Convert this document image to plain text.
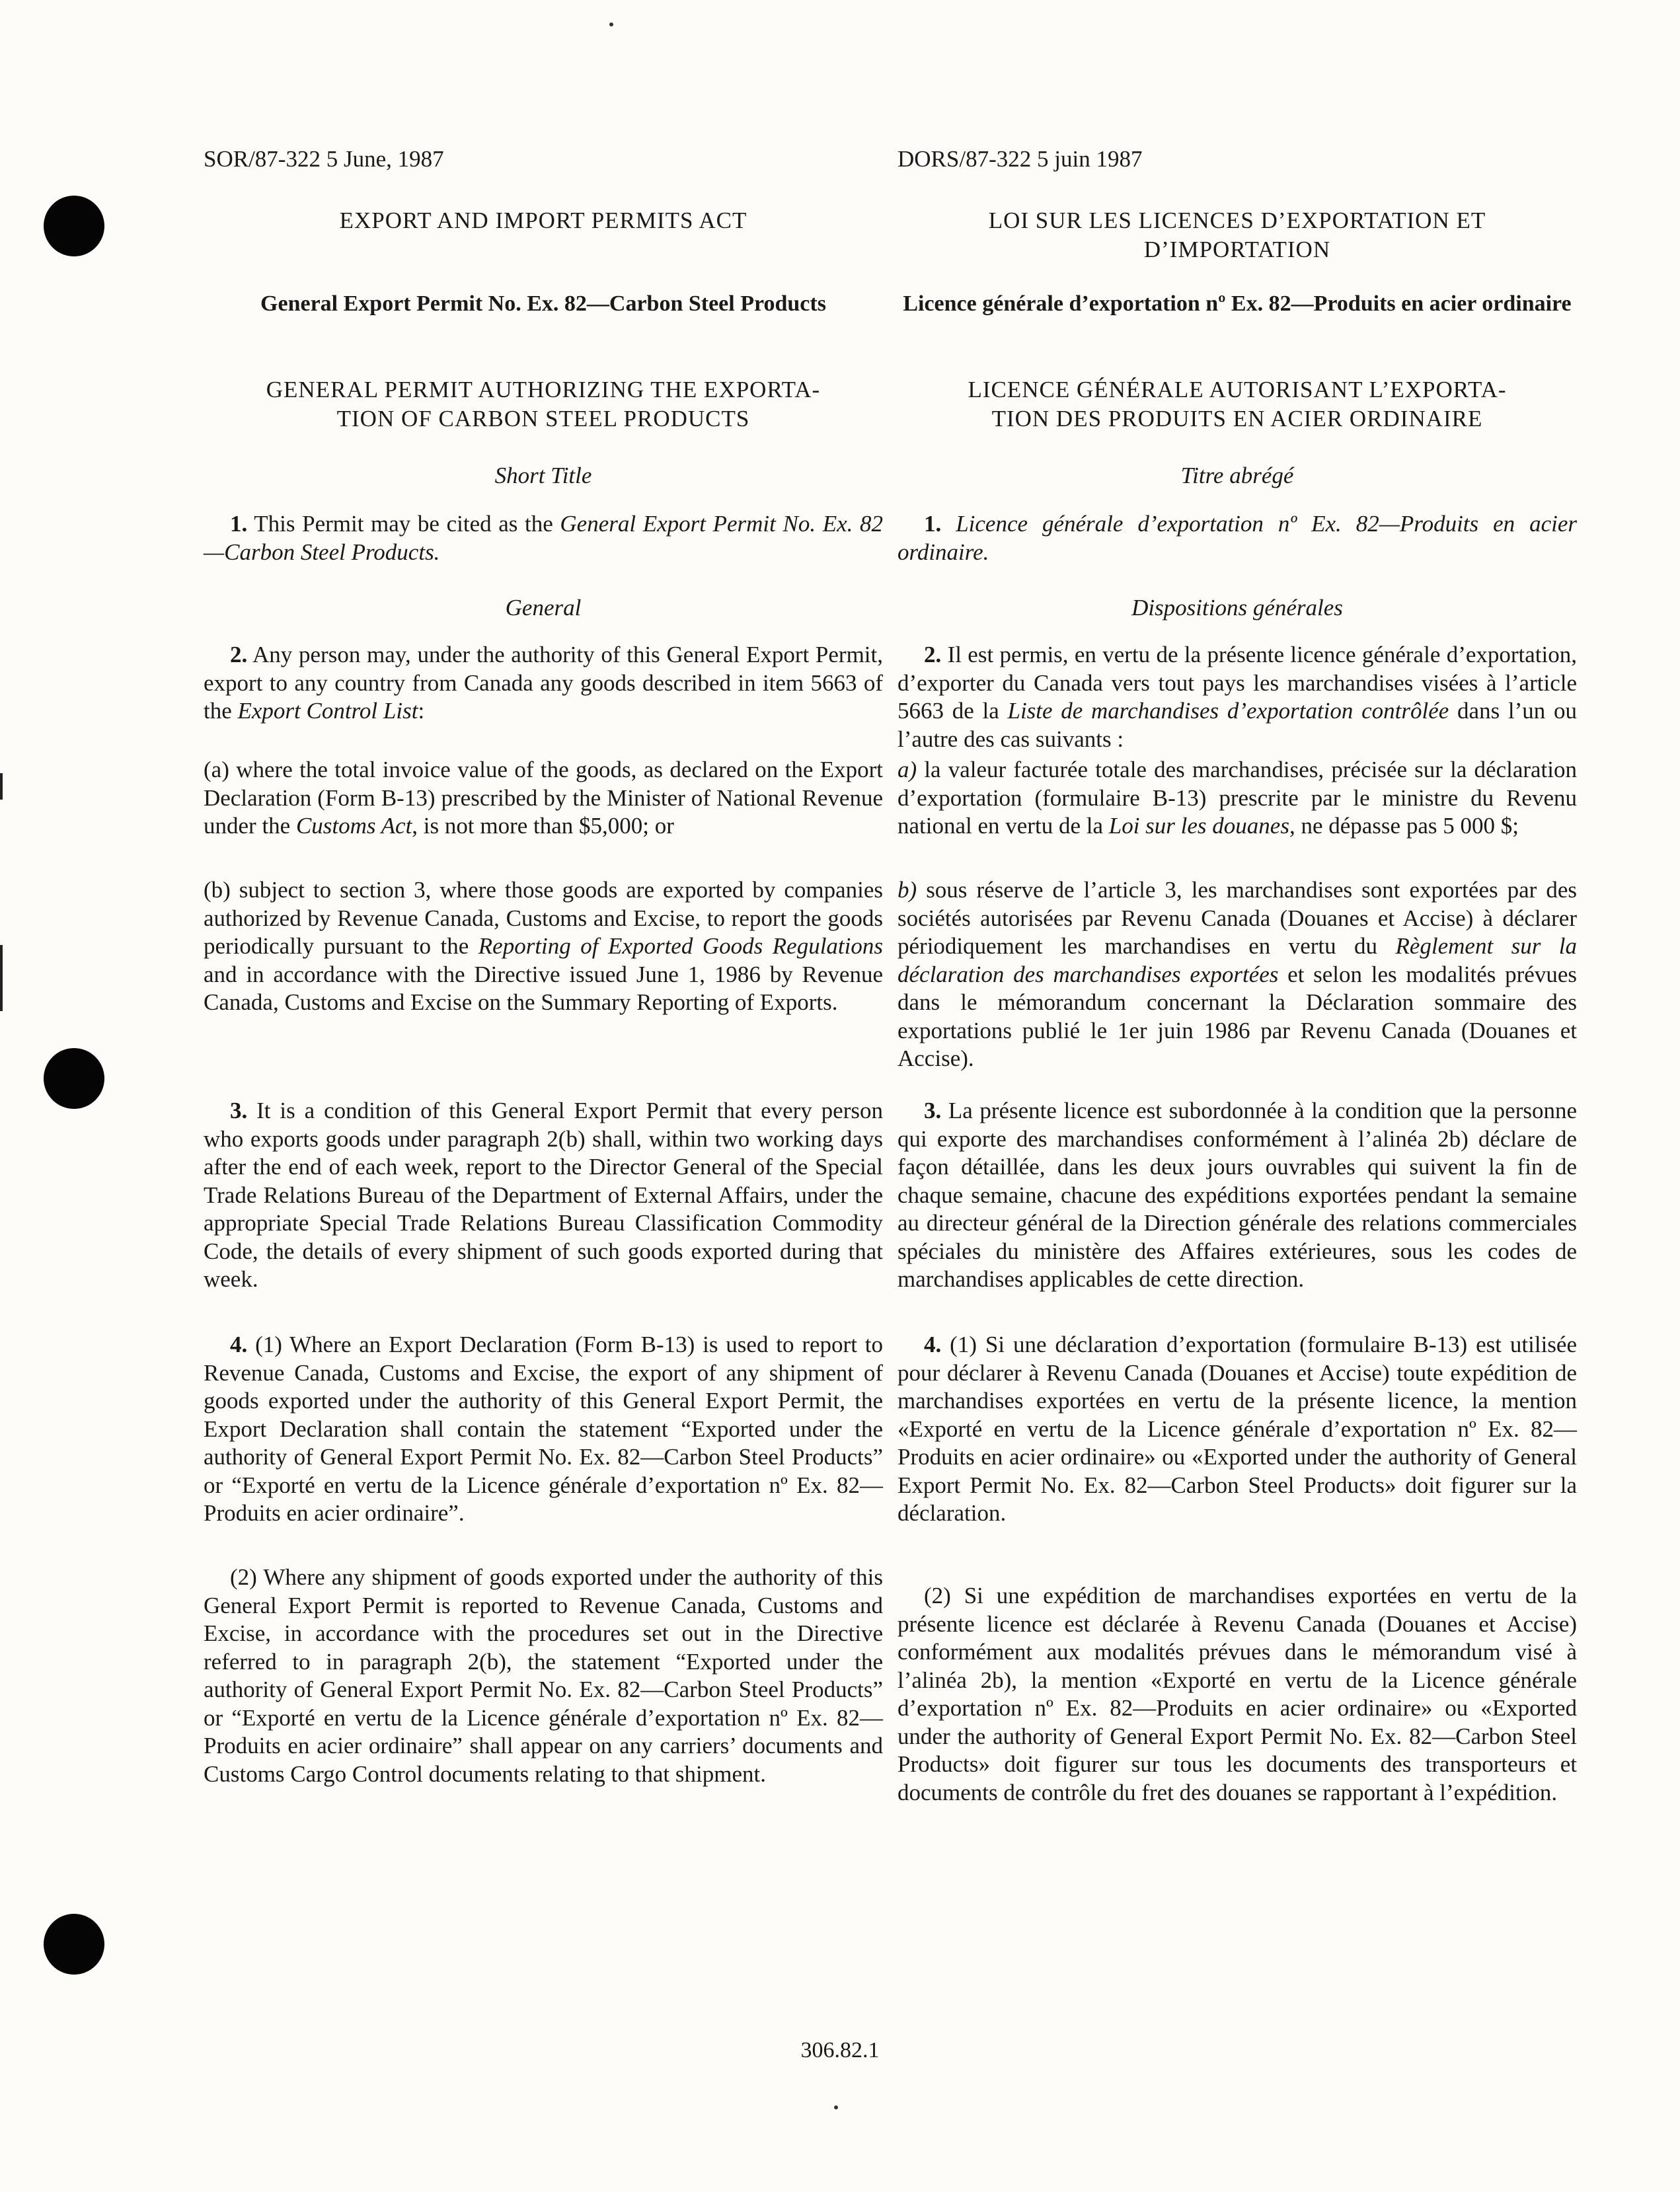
SOR/87-322 5 June, 1987

EXPORT AND IMPORT PERMITS ACT

General Export Permit No. Ex. 82—Carbon Steel Products

GENERAL PERMIT AUTHORIZING THE EXPORTA-
TION OF CARBON STEEL PRODUCTS

Short Title

1. This Permit may be cited as the General Export Permit No. Ex. 82—Carbon Steel Products.

General

2. Any person may, under the authority of this General Export Permit, export to any country from Canada any goods described in item 5663 of the Export Control List:

(a) where the total invoice value of the goods, as declared on the Export Declaration (Form B-13) prescribed by the Minister of National Revenue under the Customs Act, is not more than $5,000; or

(b) subject to section 3, where those goods are exported by companies authorized by Revenue Canada, Customs and Excise, to report the goods periodically pursuant to the Reporting of Exported Goods Regulations and in accordance with the Directive issued June 1, 1986 by Revenue Canada, Customs and Excise on the Summary Reporting of Exports.

3. It is a condition of this General Export Permit that every person who exports goods under paragraph 2(b) shall, within two working days after the end of each week, report to the Director General of the Special Trade Relations Bureau of the Department of External Affairs, under the appropriate Special Trade Relations Bureau Classification Commodity Code, the details of every shipment of such goods exported during that week.

4. (1) Where an Export Declaration (Form B-13) is used to report to Revenue Canada, Customs and Excise, the export of any shipment of goods exported under the authority of this General Export Permit, the Export Declaration shall contain the statement “Exported under the authority of General Export Permit No. Ex. 82—Carbon Steel Products” or “Exporté en vertu de la Licence générale d’exportation nº Ex. 82—Produits en acier ordinaire”.

(2) Where any shipment of goods exported under the authority of this General Export Permit is reported to Revenue Canada, Customs and Excise, in accordance with the procedures set out in the Directive referred to in paragraph 2(b), the statement “Exported under the authority of General Export Permit No. Ex. 82—Carbon Steel Products” or “Exporté en vertu de la Licence générale d’exportation nº Ex. 82—Produits en acier ordinaire” shall appear on any carriers’ documents and Customs Cargo Control documents relating to that shipment.

DORS/87-322 5 juin 1987

LOI SUR LES LICENCES D’EXPORTATION ET
D’IMPORTATION

Licence générale d’exportation nº Ex. 82—Produits en acier ordinaire

LICENCE GÉNÉRALE AUTORISANT L’EXPORTA-
TION DES PRODUITS EN ACIER ORDINAIRE

Titre abrégé

1. Licence générale d’exportation nº Ex. 82—Produits en acier ordinaire.

Dispositions générales

2. Il est permis, en vertu de la présente licence générale d’exportation, d’exporter du Canada vers tout pays les marchandises visées à l’article 5663 de la Liste de marchandises d’exportation contrôlée dans l’un ou l’autre des cas suivants :

a) la valeur facturée totale des marchandises, précisée sur la déclaration d’exportation (formulaire B-13) prescrite par le ministre du Revenu national en vertu de la Loi sur les douanes, ne dépasse pas 5 000 $;

b) sous réserve de l’article 3, les marchandises sont exportées par des sociétés autorisées par Revenu Canada (Douanes et Accise) à déclarer périodiquement les marchandises en vertu du Règlement sur la déclaration des marchandises exportées et selon les modalités prévues dans le mémorandum concernant la Déclaration sommaire des exportations publié le 1er juin 1986 par Revenu Canada (Douanes et Accise).

3. La présente licence est subordonnée à la condition que la personne qui exporte des marchandises conformément à l’alinéa 2b) déclare de façon détaillée, dans les deux jours ouvrables qui suivent la fin de chaque semaine, chacune des expéditions exportées pendant la semaine au directeur général de la Direction générale des relations commerciales spéciales du ministère des Affaires extérieures, sous les codes de marchandises applicables de cette direction.

4. (1) Si une déclaration d’exportation (formulaire B-13) est utilisée pour déclarer à Revenu Canada (Douanes et Accise) toute expédition de marchandises exportées en vertu de la présente licence, la mention «Exporté en vertu de la Licence générale d’exportation nº Ex. 82—Produits en acier ordinaire» ou «Exported under the authority of General Export Permit No. Ex. 82—Carbon Steel Products» doit figurer sur la déclaration.

(2) Si une expédition de marchandises exportées en vertu de la présente licence est déclarée à Revenu Canada (Douanes et Accise) conformément aux modalités prévues dans le mémorandum visé à l’alinéa 2b), la mention «Exporté en vertu de la Licence générale d’exportation nº Ex. 82—Produits en acier ordinaire» ou «Exported under the authority of General Export Permit No. Ex. 82—Carbon Steel Products» doit figurer sur tous les documents des transporteurs et documents de contrôle du fret des douanes se rapportant à l’expédition.

306.82.1
